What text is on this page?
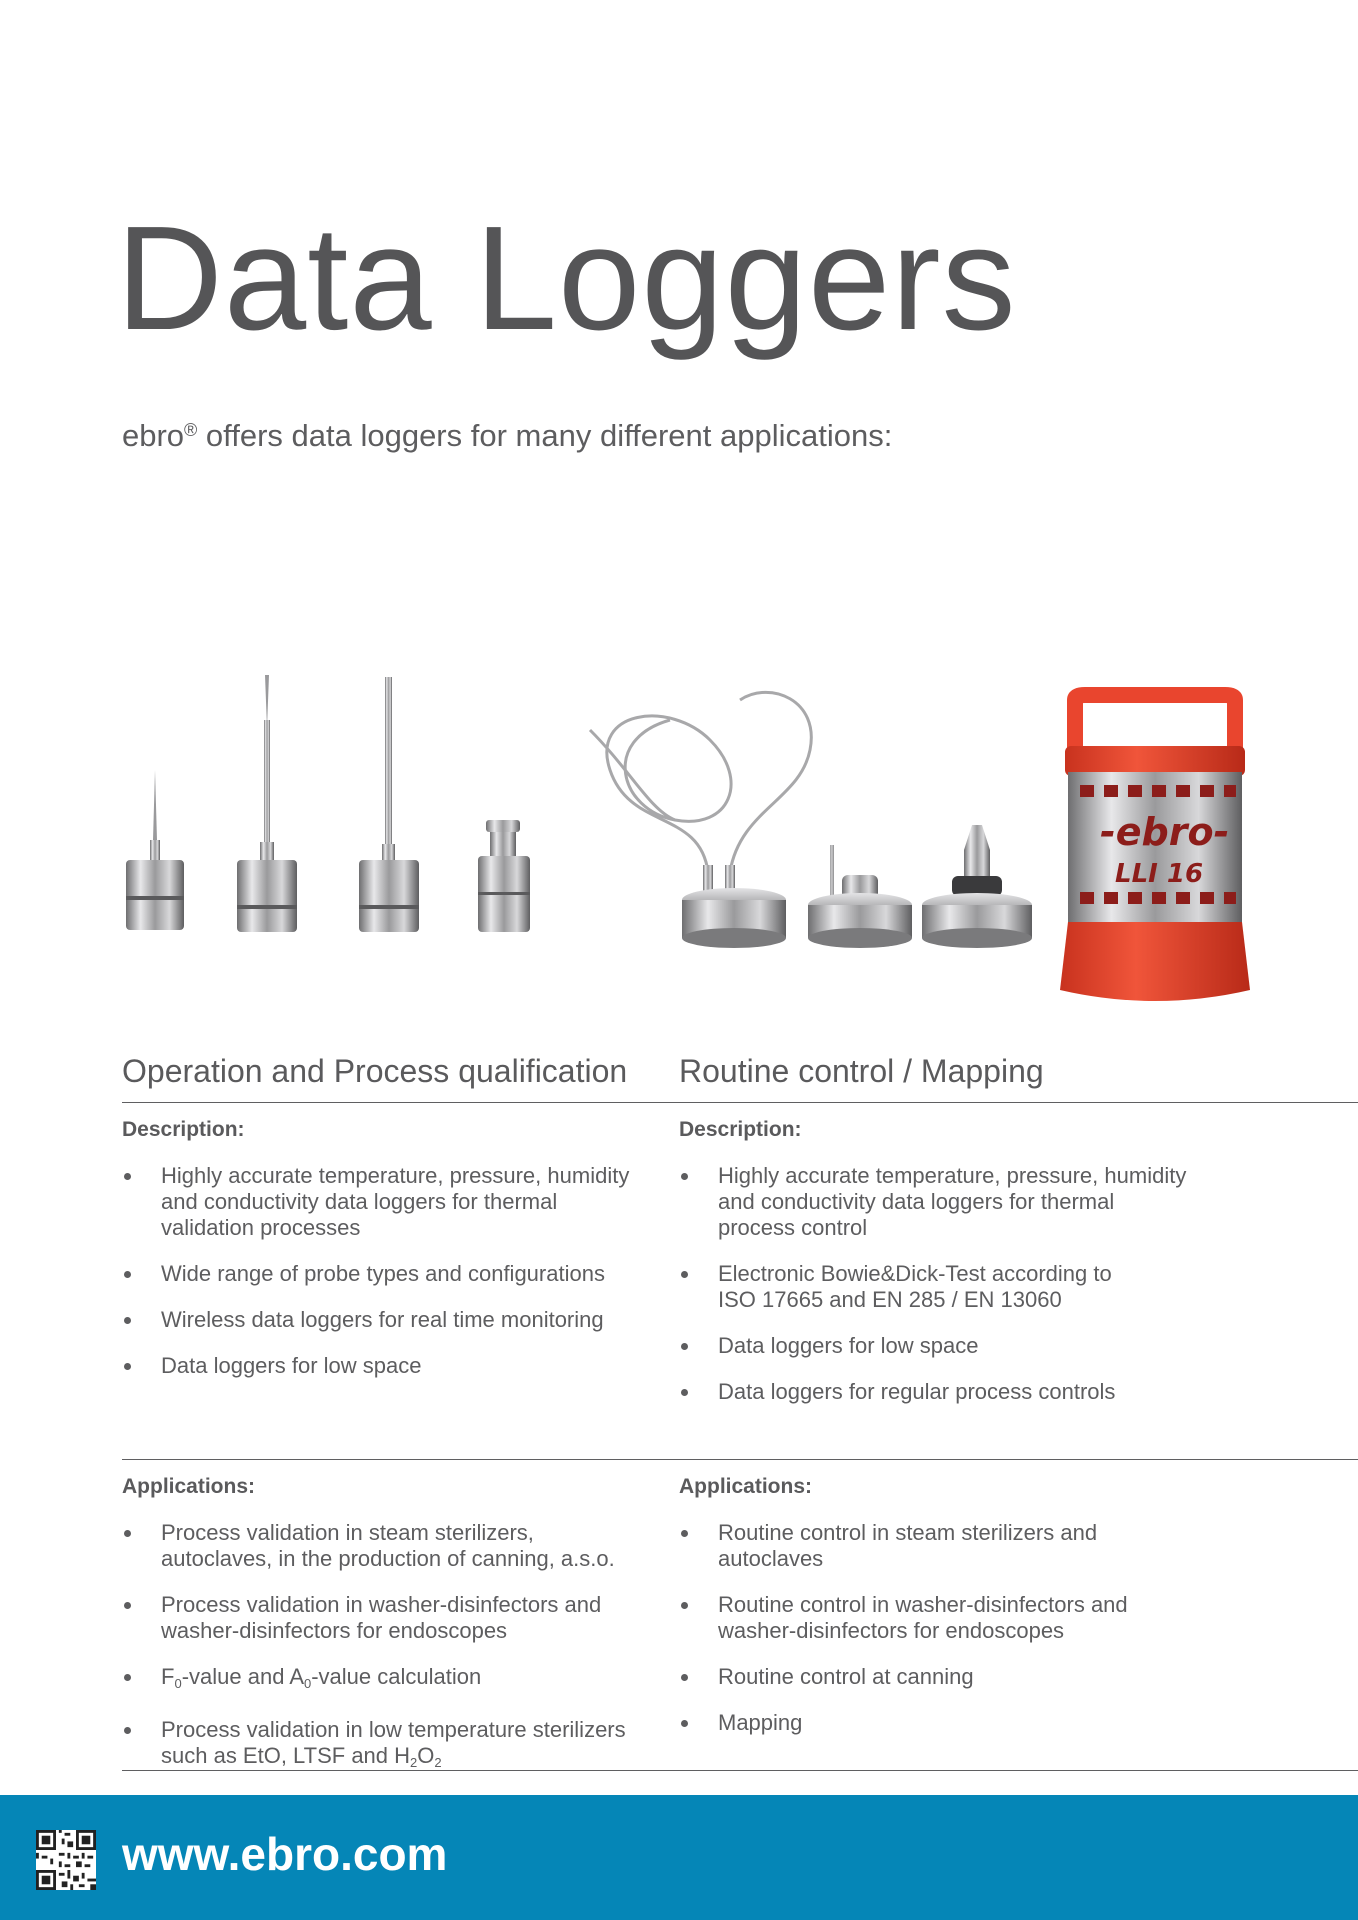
Data Loggers
ebro® offers data loggers for many different applications:
-ebro-
LLI 16
Operation and Process qualification Routine control / Mapping
Description:	Description:
Highly accurate temperature, pressure, humidity
and conductivity data loggers for thermal
validation processes
Wide range of probe types and configurations
Wireless data loggers for real time monitoring
Data loggers for low space
Highly accurate temperature, pressure, humidity
and conductivity data loggers for thermal
process control
Electronic Bowie&Dick-Test according to
ISO 17665 and EN 285 / EN 13060
Data loggers for low space
Data loggers for regular process controls
Applications:	Applications:
Process validation in steam sterilizers,
autoclaves, in the production of canning, a.s.o.
Process validation in washer-disinfectors and
washer-disinfectors for endoscopes
$F_0$-value and $A_0$-value calculation
Process validation in low temperature sterilizers
such as EtO, LTSF and $H_2O_2$
Routine control in steam sterilizers and
autoclaves
Routine control in washer-disinfectors and
washer-disinfectors for endoscopes
Routine control at canning
Mapping
www.ebro.com
